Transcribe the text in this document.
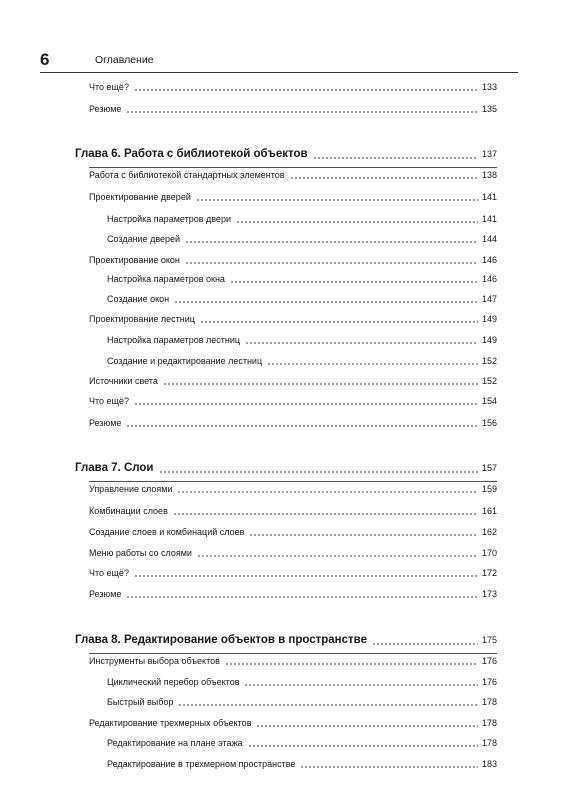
6	Оглавление
Что ещё?	133
Резюме	135
Глава 6. Работа с библиотекой объектов	137
Работа с библиотекой стандартных элементов	138
Проектирование дверей	141
Настройка параметров двери	141
Создание дверей	144
Проектирование окон	146
Настройка параметров окна	146
Создание окон	147
Проектирование лестниц	149
Настройка параметров лестниц	149
Создание и редактирование лестниц	152
Источники света	152
Что ещё?	154
Резюме	156
Глава 7. Слои	157
Управление слоями	159
Комбинации слоев	161
Создание слоев и комбинаций слоев	162
Меню работы со слоями	170
Что ещё?	172
Резюме	173
Глава 8. Редактирование объектов в пространстве	175
Инструменты выбора объектов	176
Циклический перебор объектов	176
Быстрый выбор	178
Редактирование трехмерных объектов	178
Редактирование на плане этажа	178
Редактирование в трехмерном пространстве	183
